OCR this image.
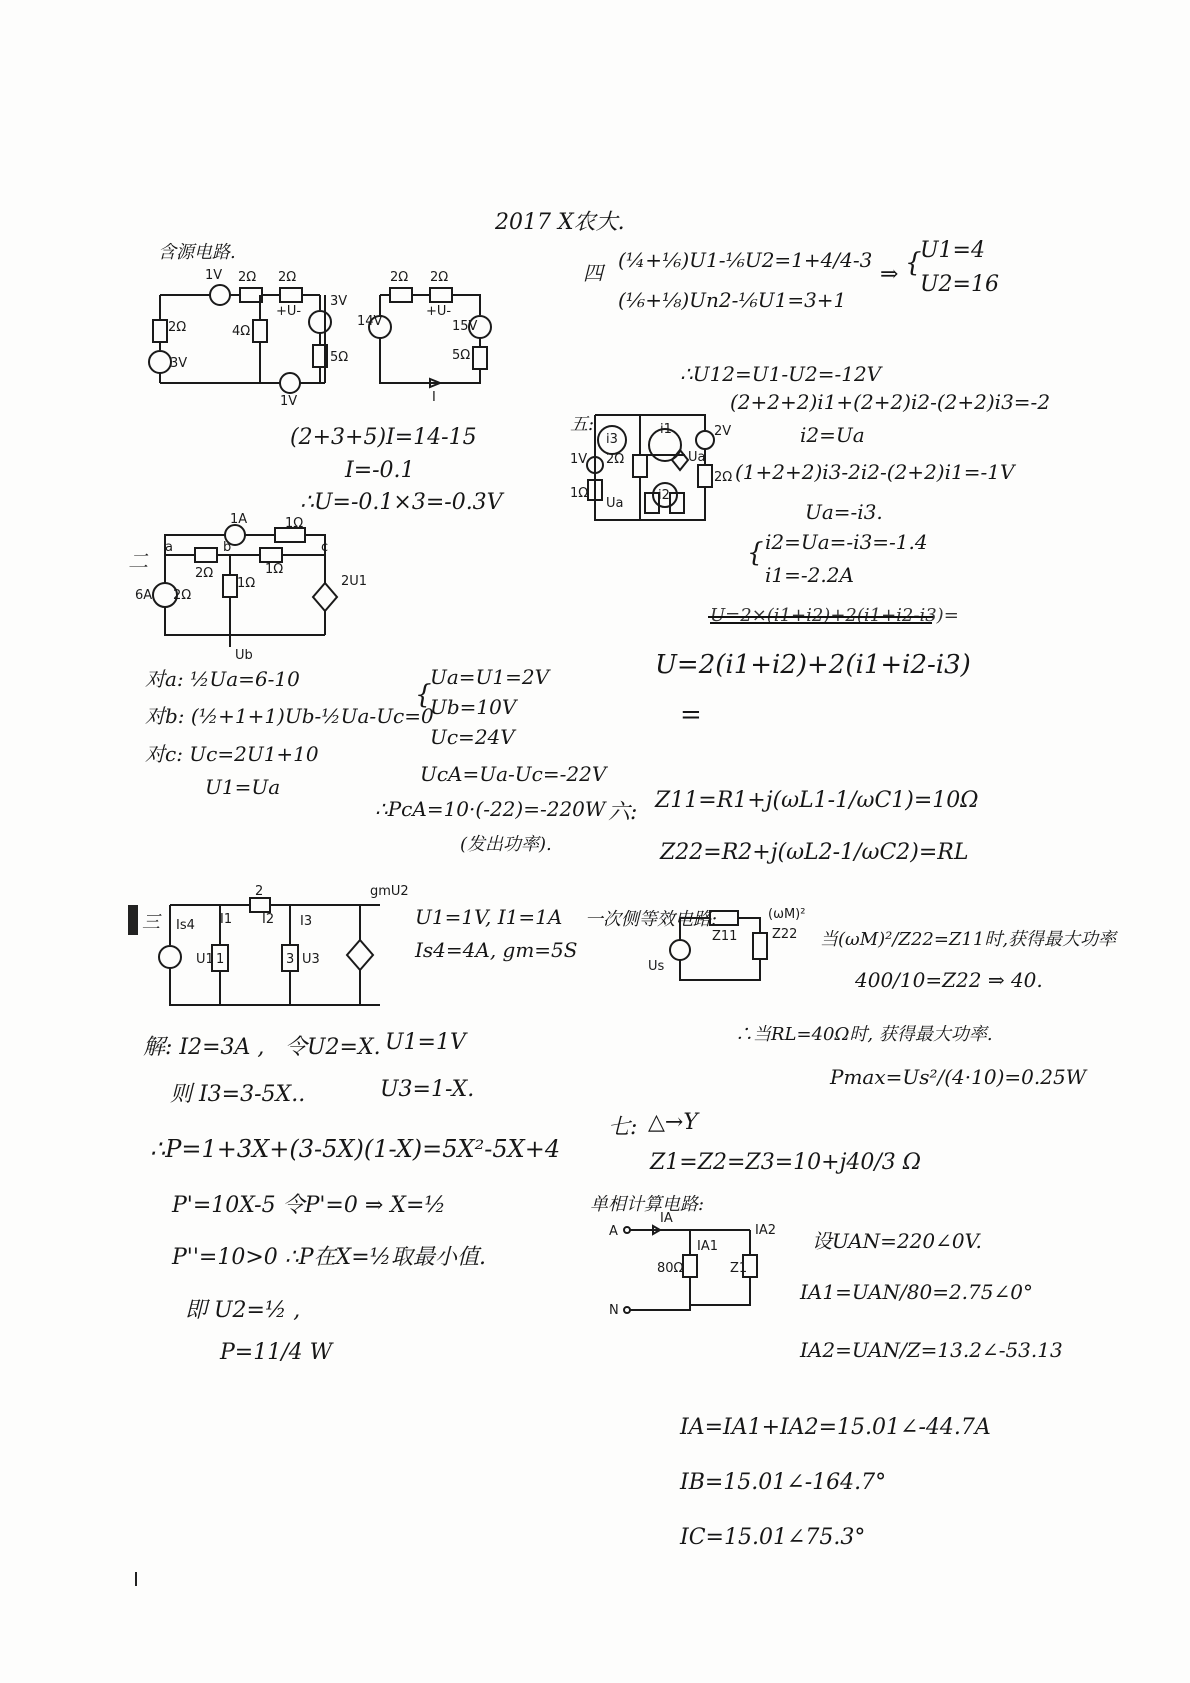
2017 X农大.
含源电路.
1V 2Ω 2Ω
+U-
3V
14V
2Ω 2Ω
+U-
15V
5Ω
2Ω	4Ω
5Ω
3V
1V	I
(2+3+5)I=14-15
I=-0.1
∴U=-0.1×3=-0.3V
二
1A
a
2Ω
b
1Ω
c
1Ω
2U1
6A 2Ω
1Ω
Ub
对a: ½Ua=6-10
对b: (½+1+1)Ub-½Ua-Uc=0
对c: Uc=2U1+10
U1=Ua
{
Ua=U1=2V
Ub=10V
Uc=24V
UcA=Ua-Uc=-22V
∴PcA=10·(-22)=-220W
(发出功率).
三 Is4
U1
I1
2
I2 I3
1	3 U3
gmU2
U1=1V, I1=1A
Is4=4A, gm=5S
解: I2=3A , 令U2=X. U1=1V
则 I3=3-5X..	U3=1-X.
∴P=1+3X+(3-5X)(1-X)=5X²-5X+4
P'=10X-5 令P'=0 ⇒ X=½
P''=10>0 ∴P在X=½取最小值.
即 U2=½ ,
P=11/4 W
四
(¼+⅙)U1-⅙U2=1+4/4-3
(⅙+⅛)Un2-⅙U1=3+1
⇒ {
U1=4
U2=16
∴U12=U1-U2=-12V
五:
i3
i1
1V 2Ω	Ua
2V
1Ω
Ua
i2
2Ω
(2+2+2)i1+(2+2)i2-(2+2)i3=-2
i2=Ua
(1+2+2)i3-2i2-(2+2)i1=-1V
Ua=-i3.
{ i2=Ua=-i3=-1.4
i1=-2.2A
U=2×(i1+i2)+2(i1+i2-i3)=
U=2(i1+i2)+2(i1+i2-i3)
=
六: Z11=R1+j(ωL1-1/ωC1)=10Ω
Z22=R2+j(ωL2-1/ωC2)=RL
一次侧等效电路:
Z11
(ωM)²
Z22
Us
当(ωM)²/Z22=Z11时,获得最大功率
400/10=Z22 ⇒ 40.
∴当RL=40Ω时, 获得最大功率.
Pmax=Us²/(4·10)=0.25W
七: △→Y
Z1=Z2=Z3=10+j40/3 Ω
单相计算电路:
A
IA
IA1
IA2
80Ω	Z1
N
设UAN=220∠0V.
IA1=UAN/80=2.75∠0°
IA2=UAN/Z=13.2∠-53.13
IA=IA1+IA2=15.01∠-44.7A
IB=15.01∠-164.7°
IC=15.01∠75.3°
